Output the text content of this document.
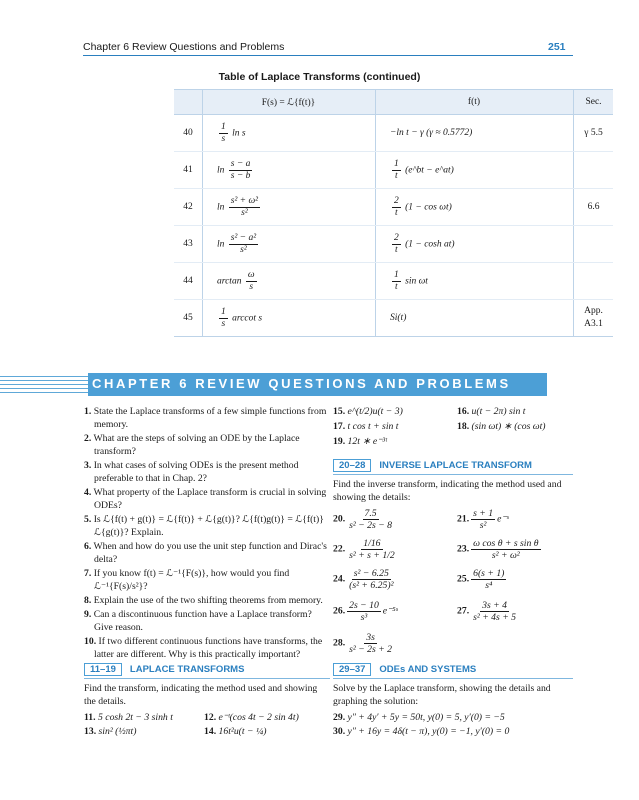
Chapter 6 Review Questions and Problems	251
Table of Laplace Transforms (continued)
	F(s) = ℒ{f(t)}	f(t)	Sec.
40	$\frac{1}{s}$ ln s	−ln t − γ (γ ≈ 0.5772)	γ 5.5
41	$\ln \frac{s - a}{s - b}$	$\frac{1}{t}$ (e^bt − e^at)	
42	$\ln \frac{\text{s² + ω²}}{\text{s²}}$	$\frac{2}{t} (1 - \cos \omega t)$	6.6
43	$\ln \frac{\text{s² − a²}}{\text{s²}}$	$\frac{2}{t} (1 - \cosh at)$	
44	$\arctan \frac{\omega}{s}$	$\frac{1}{t}$ sin ωt	
45	$\frac{1}{s}$ arccot s	Si(t)	App. A3.1
CHAPTER 6 REVIEW QUESTIONS AND PROBLEMS
1. State the Laplace transforms of a few simple functions from memory.
2. What are the steps of solving an ODE by the Laplace transform?
3. In what cases of solving ODEs is the present method preferable to that in Chap. 2?
4. What property of the Laplace transform is crucial in solving ODEs?
5. Is ℒ{f(t) + g(t)} = ℒ{f(t)} + ℒ{g(t)}? ℒ{f(t)g(t)} = ℒ{f(t)}ℒ{g(t)}? Explain.
6. When and how do you use the unit step function and Dirac's delta?
7. If you know f(t) = ℒ⁻¹{F(s)}, how would you find ℒ⁻¹{F(s)/s²}?
8. Explain the use of the two shifting theorems from memory.
9. Can a discontinuous function have a Laplace transform? Give reason.
10. If two different continuous functions have transforms, the latter are different. Why is this practically important?
11–19 LAPLACE TRANSFORMS
Find the transform, indicating the method used and showing the details.
11. 5 cosh 2t − 3 sinh t	12. e⁻ᵗ(cos 4t − 2 sin 4t)
13. sin² (½πt)	14. 16t²u(t − ¼)
15. e^(t/2)u(t − 3)	16. u(t − 2π) sin t
17. t cos t + sin t	18. (sin ωt) ∗ (cos ωt)
19. 12t ∗ e⁻³ᵗ
20–28 INVERSE LAPLACE TRANSFORM
Find the inverse transform, indicating the method used and showing the details:
20. $\frac{7.5}{\text{s² − 2s − 8}}$	21. $\frac{s + 1}{\text{s²}}$ e⁻ˢ
22. $\frac{1/16}{\text{s² + s + 1/2}}$	23. $\frac{\text{ω cos θ + s sin θ}}{\text{s² + ω²}}$
24. $\frac{\text{s² − 6.25}}{\text{(s² + 6.25)²}}$	25. $\frac{6(s + 1)}{\text{s⁴}}$
26. $\frac{2s - 10}{\text{s³}}$ e⁻⁵ˢ	27. $\frac{3s + 4}{\text{s² + 4s + 5}}$
28. $\frac{3s}{\text{s² − 2s + 2}}$
29–37 ODEs AND SYSTEMS
Solve by the Laplace transform, showing the details and graphing the solution:
29. y″ + 4y′ + 5y = 50t, y(0) = 5, y′(0) = −5
30. y″ + 16y = 4δ(t − π), y(0) = −1, y′(0) = 0
